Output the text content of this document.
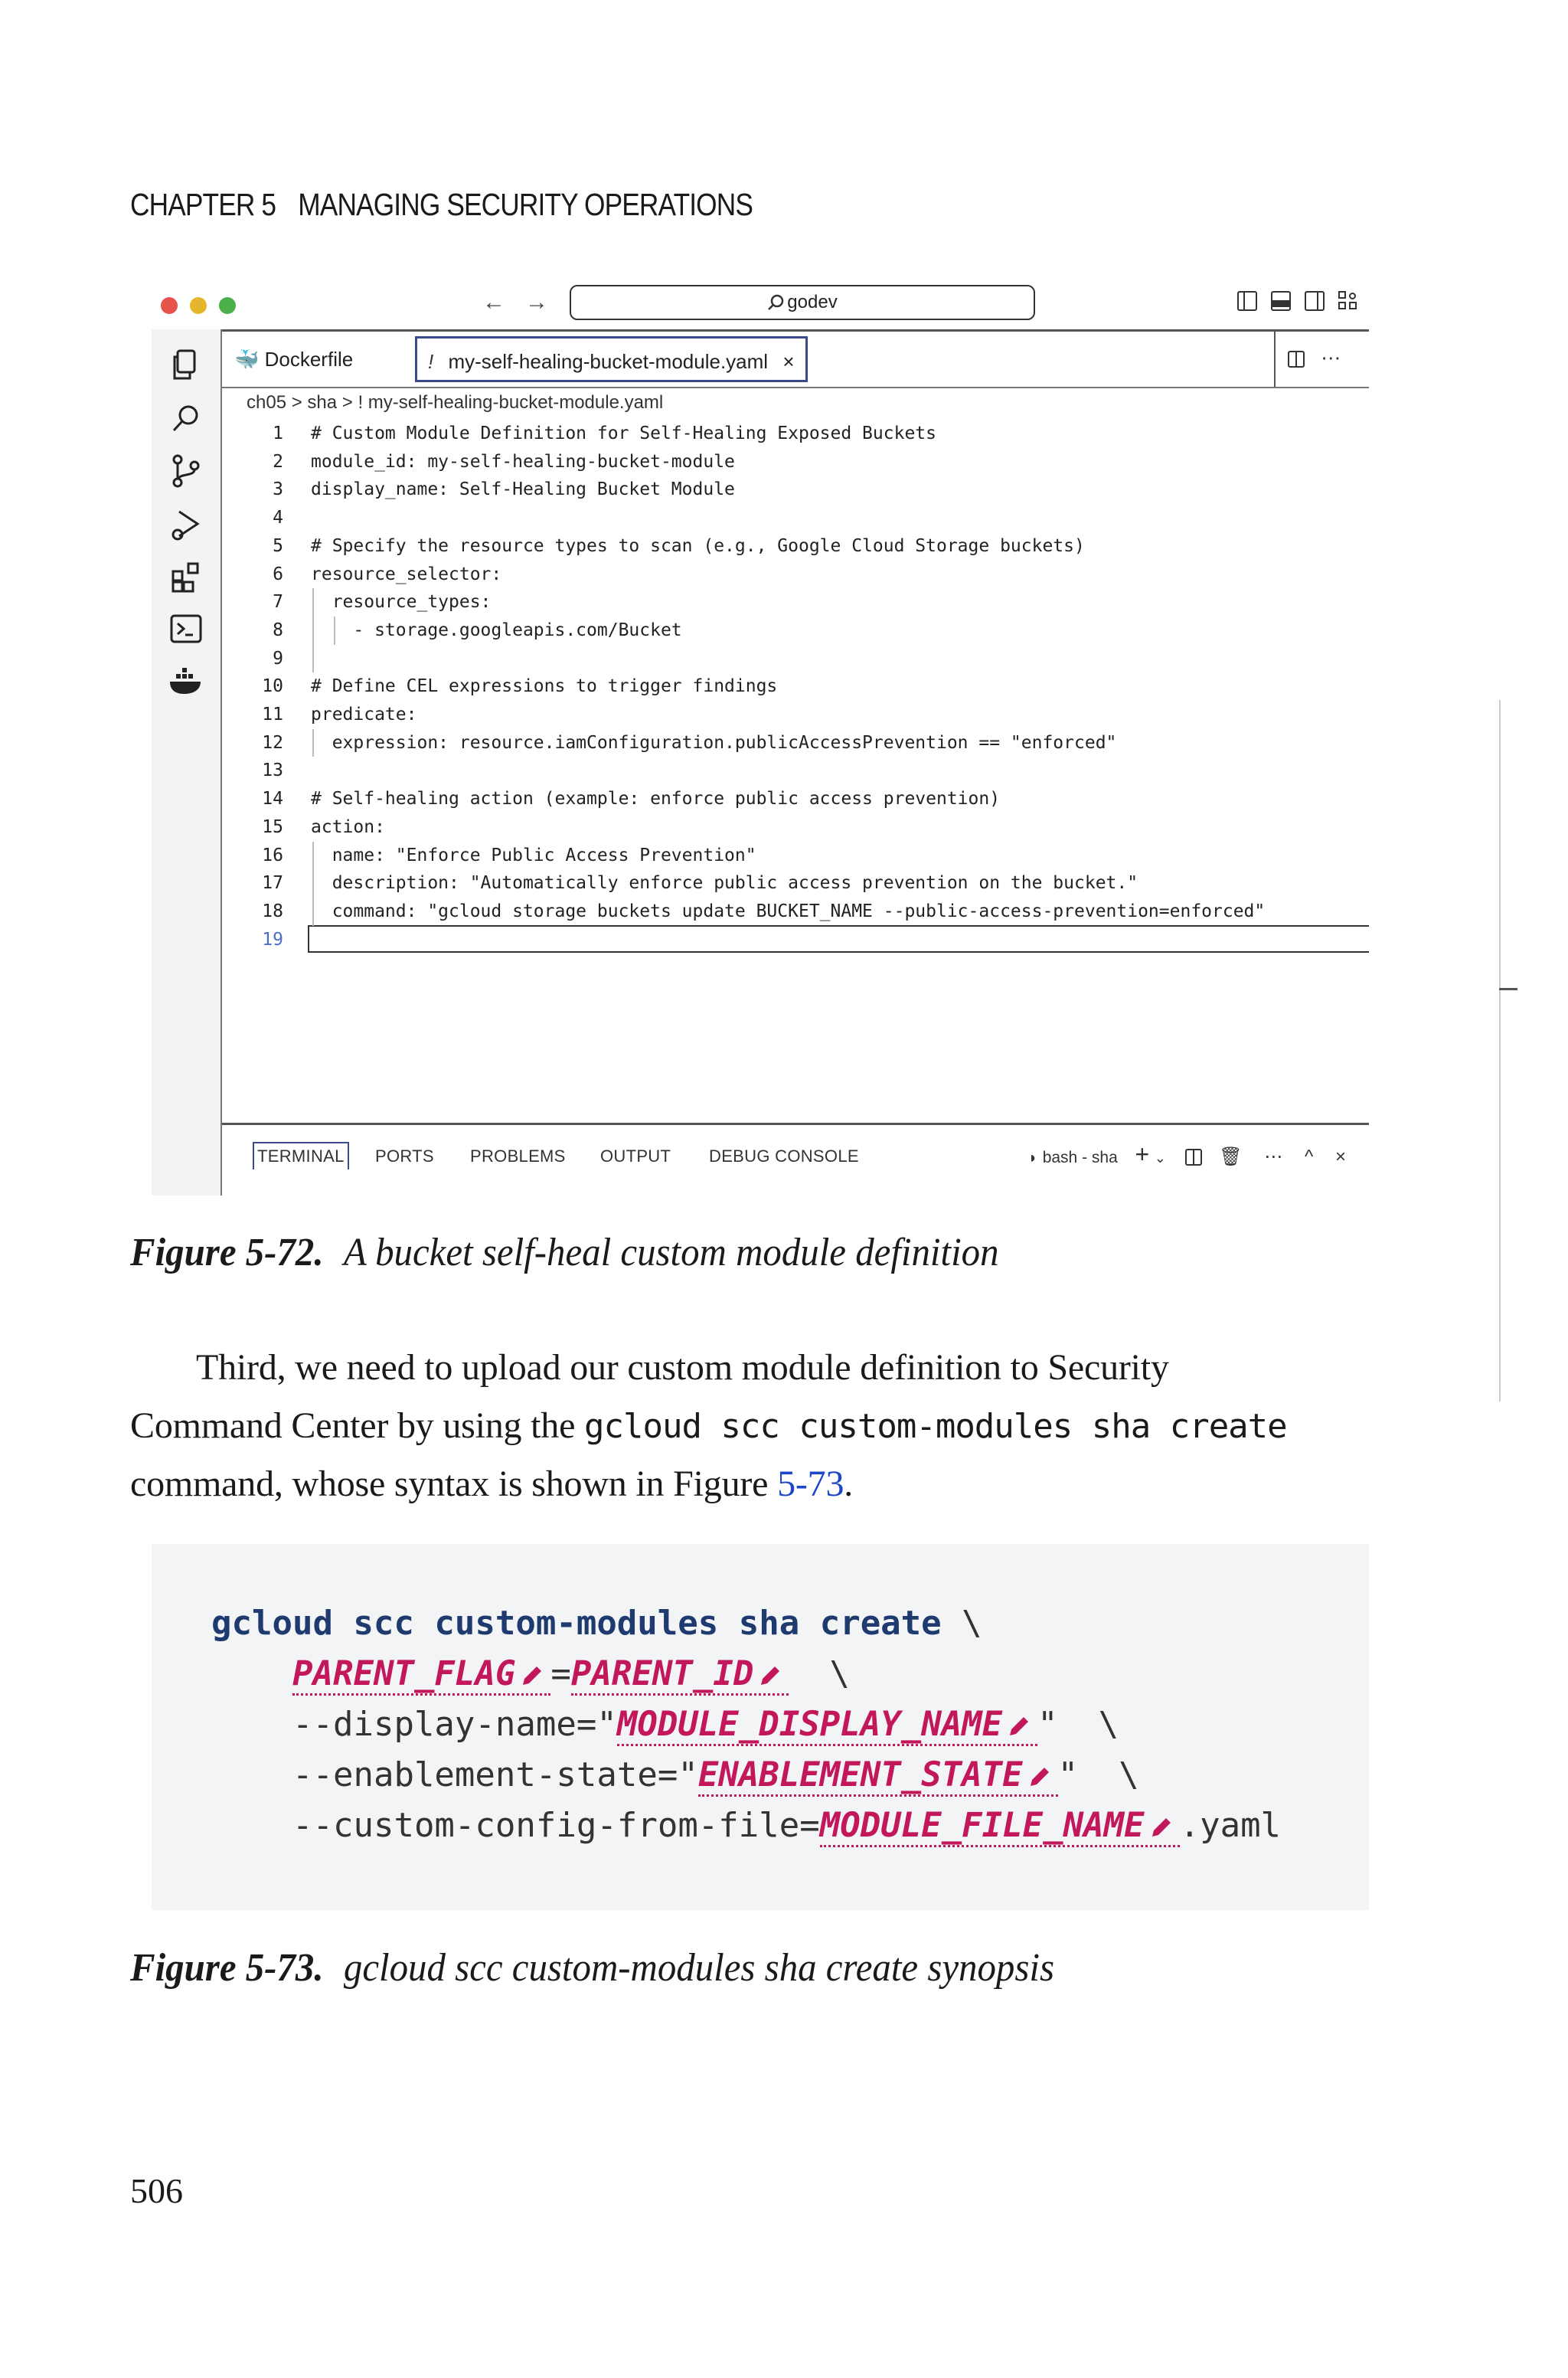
CHAPTER 5 MANAGING SECURITY OPERATIONS
← →	godev
🐳 Dockerfile	! my-self-healing-bucket-module.yaml ×	⋯
ch05 > sha > ! my-self-healing-bucket-module.yaml
1 # Custom Module Definition for Self-Healing Exposed Buckets
2 module_id: my-self-healing-bucket-module
3 display_name: Self-Healing Bucket Module
4
5 # Specify the resource types to scan (e.g., Google Cloud Storage buckets)
6 resource_selector:
7 resource_types:
8 - storage.googleapis.com/Bucket
9
10 # Define CEL expressions to trigger findings
11 predicate:
12 expression: resource.iamConfiguration.publicAccessPrevention == "enforced"
13
14 # Self-healing action (example: enforce public access prevention)
15 action:
16 name: "Enforce Public Access Prevention"
17 description: "Automatically enforce public access prevention on the bucket."
18 command: "gcloud storage buckets update BUCKET_NAME --public-access-prevention=enforced"
19
TERMINAL PORTS PROBLEMS OUTPUT DEBUG CONSOLE	◗ bash - sha + ⌄	🗑 ⋯ ^ ×
Figure 5-72. A bucket self-heal custom module definition
Third, we need to upload our custom module definition to Security
Command Center by using the gcloud scc custom-modules sha create
command, whose syntax is shown in Figure 5-73.
gcloud scc custom-modules sha create \
PARENT_FLAG =PARENT_ID \
--display-name="MODULE_DISPLAY_NAME " \
--enablement-state="ENABLEMENT_STATE " \
--custom-config-from-file=MODULE_FILE_NAME .yaml
Figure 5-73. gcloud scc custom-modules sha create synopsis
506
